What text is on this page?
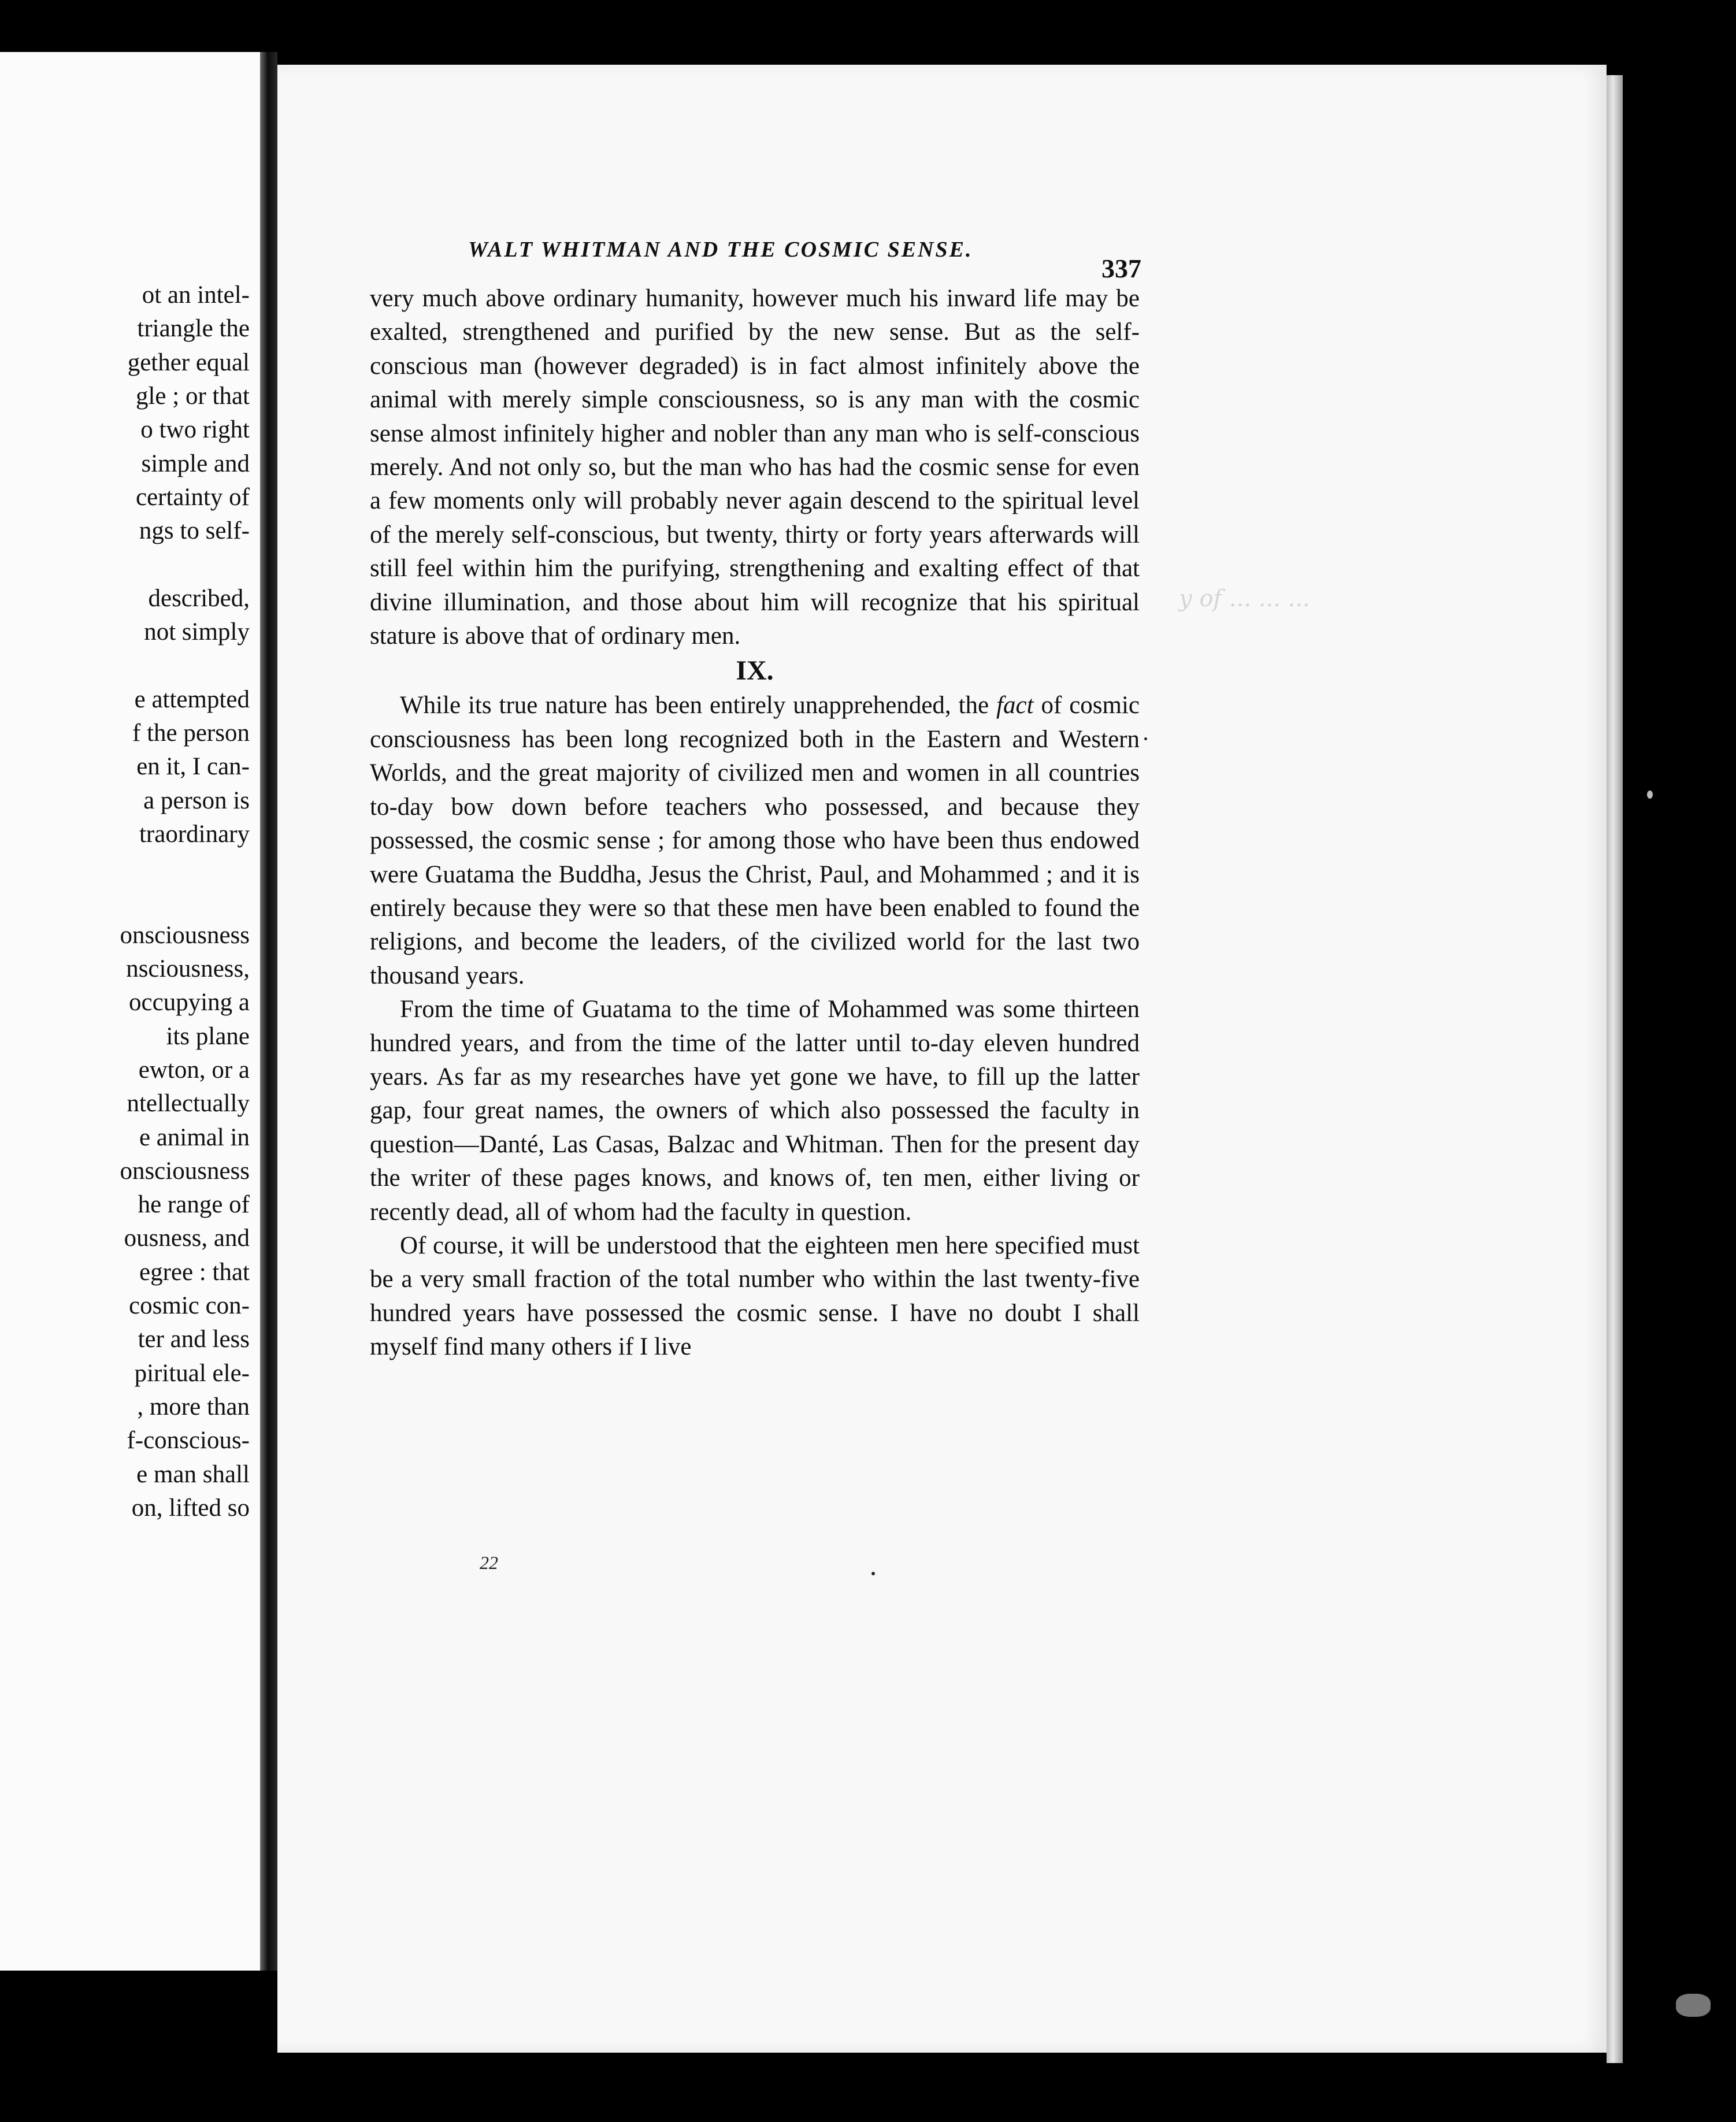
ot an intel-
triangle the
gether equal
gle ; or that
o two right
simple and
certainty of
ngs to self-
described,
not simply
e attempted
f the person
en it, I can-
a person is
traordinary
onsciousness
nsciousness,
occupying a
its plane
ewton, or a
ntellectually
e animal in
onsciousness
he range of
ousness, and
egree : that
cosmic con-
ter and less
piritual ele-
, more than
f-conscious-
e man shall
on, lifted so
WALT WHITMAN AND THE COSMIC SENSE.
337

very much above ordinary humanity, however much his inward life may be exalted, strengthened and purified by the new sense. But as the self-conscious man (however degraded) is in fact almost infinitely above the animal with merely simple consciousness, so is any man with the cosmic sense almost infinitely higher and nobler than any man who is self-conscious merely. And not only so, but the man who has had the cosmic sense for even a few moments only will probably never again descend to the spiritual level of the merely self-conscious, but twenty, thirty or forty years afterwards will still feel within him the purifying, strengthening and exalting effect of that divine illumination, and those about him will recognize that his spiritual stature is above that of ordinary men.

IX.

While its true nature has been entirely unapprehended, the fact of cosmic consciousness has been long recognized both in the Eastern and Western Worlds, and the great majority of civilized men and women in all countries to-day bow down before teachers who possessed, and because they possessed, the cosmic sense ; for among those who have been thus endowed were Guatama the Buddha, Jesus the Christ, Paul, and Mohammed ; and it is entirely because they were so that these men have been enabled to found the religions, and become the leaders, of the civilized world for the last two thousand years.

From the time of Guatama to the time of Mohammed was some thirteen hundred years, and from the time of the latter until to-day eleven hundred years. As far as my researches have yet gone we have, to fill up the latter gap, four great names, the owners of which also possessed the faculty in question—Danté, Las Casas, Balzac and Whitman. Then for the present day the writer of these pages knows, and knows of, ten men, either living or recently dead, all of whom had the faculty in question.

Of course, it will be understood that the eighteen men here specified must be a very small fraction of the total number who within the last twenty-five hundred years have possessed the cosmic sense. I have no doubt I shall myself find many others if I live

22
y of ... ... ...
